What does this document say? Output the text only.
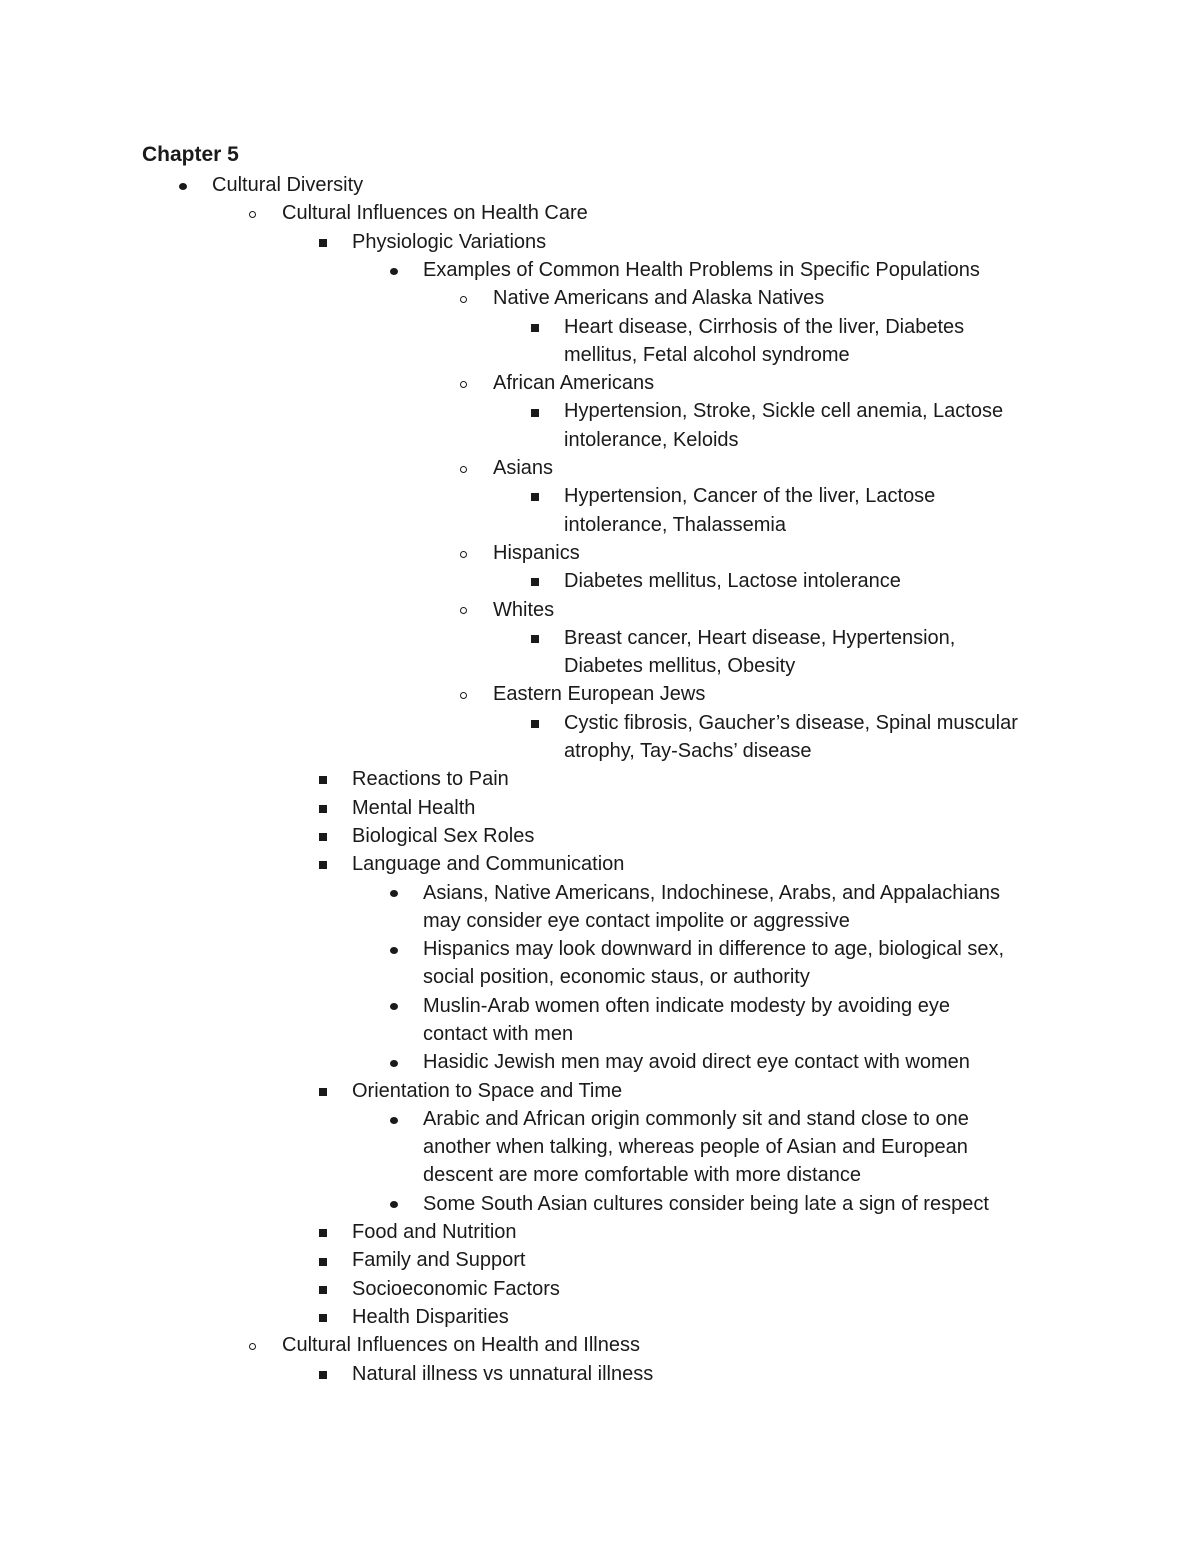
Chapter 5
Cultural Diversity
Cultural Influences on Health Care
Physiologic Variations
Examples of Common Health Problems in Specific Populations
Native Americans and Alaska Natives
Heart disease, Cirrhosis of the liver, Diabetes
mellitus, Fetal alcohol syndrome
African Americans
Hypertension, Stroke, Sickle cell anemia, Lactose
intolerance, Keloids
Asians
Hypertension, Cancer of the liver, Lactose
intolerance, Thalassemia
Hispanics
Diabetes mellitus, Lactose intolerance
Whites
Breast cancer, Heart disease, Hypertension,
Diabetes mellitus, Obesity
Eastern European Jews
Cystic fibrosis, Gaucher’s disease, Spinal muscular
atrophy, Tay-Sachs’ disease
Reactions to Pain
Mental Health
Biological Sex Roles
Language and Communication
Asians, Native Americans, Indochinese, Arabs, and Appalachians
may consider eye contact impolite or aggressive
Hispanics may look downward in difference to age, biological sex,
social position, economic staus, or authority
Muslin-Arab women often indicate modesty by avoiding eye
contact with men
Hasidic Jewish men may avoid direct eye contact with women
Orientation to Space and Time
Arabic and African origin commonly sit and stand close to one
another when talking, whereas people of Asian and European
descent are more comfortable with more distance
Some South Asian cultures consider being late a sign of respect
Food and Nutrition
Family and Support
Socioeconomic Factors
Health Disparities
Cultural Influences on Health and Illness
Natural illness vs unnatural illness
